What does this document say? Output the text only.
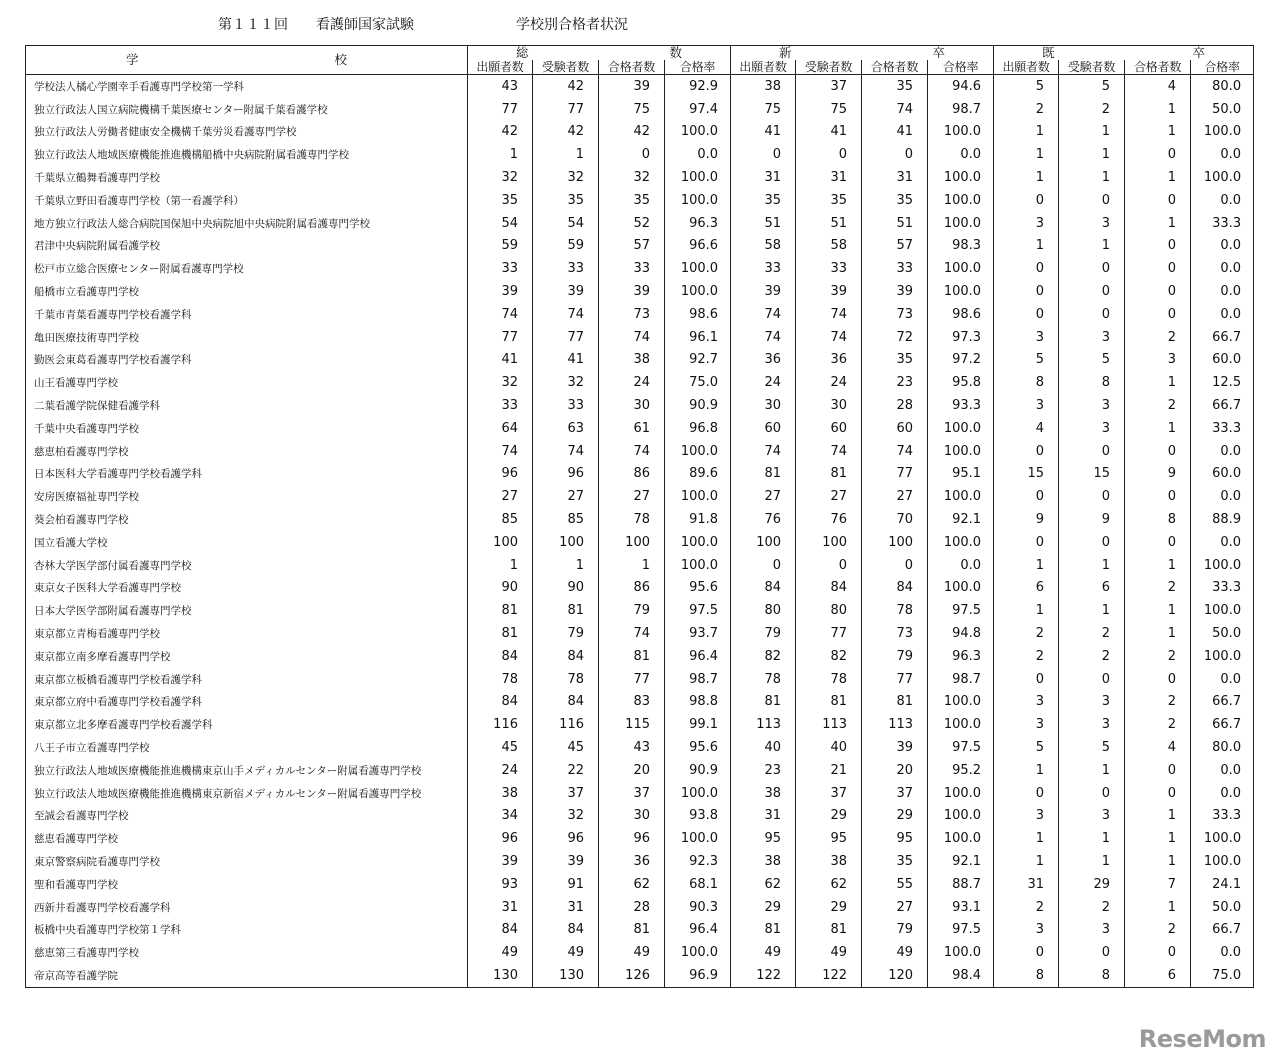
第１１１回　　看護師国家試験	学校別合格者状況
学 校	総 数				新 卒				既 卒			

	出願者数	受験者数	合格者数	合格率	出願者数	受験者数	合格者数	合格率	出願者数	受験者数	合格者数	合格率
学校法人橘心学園幸手看護専門学校第一学科	43	42	39	92.9	38	37	35	94.6	5	5	4	80.0
独立行政法人国立病院機構千葉医療センター附属千葉看護学校	77	77	75	97.4	75	75	74	98.7	2	2	1	50.0
独立行政法人労働者健康安全機構千葉労災看護専門学校	42	42	42	100.0	41	41	41	100.0	1	1	1	100.0
独立行政法人地域医療機能推進機構船橋中央病院附属看護専門学校	1	1	0	0.0	0	0	0	0.0	1	1	0	0.0
千葉県立鶴舞看護専門学校	32	32	32	100.0	31	31	31	100.0	1	1	1	100.0
千葉県立野田看護専門学校（第一看護学科）	35	35	35	100.0	35	35	35	100.0	0	0	0	0.0
地方独立行政法人総合病院国保旭中央病院旭中央病院附属看護専門学校	54	54	52	96.3	51	51	51	100.0	3	3	1	33.3
君津中央病院附属看護学校	59	59	57	96.6	58	58	57	98.3	1	1	0	0.0
松戸市立総合医療センター附属看護専門学校	33	33	33	100.0	33	33	33	100.0	0	0	0	0.0
船橋市立看護専門学校	39	39	39	100.0	39	39	39	100.0	0	0	0	0.0
千葉市青葉看護専門学校看護学科	74	74	73	98.6	74	74	73	98.6	0	0	0	0.0
亀田医療技術専門学校	77	77	74	96.1	74	74	72	97.3	3	3	2	66.7
勤医会東葛看護専門学校看護学科	41	41	38	92.7	36	36	35	97.2	5	5	3	60.0
山王看護専門学校	32	32	24	75.0	24	24	23	95.8	8	8	1	12.5
二葉看護学院保健看護学科	33	33	30	90.9	30	30	28	93.3	3	3	2	66.7
千葉中央看護専門学校	64	63	61	96.8	60	60	60	100.0	4	3	1	33.3
慈恵柏看護専門学校	74	74	74	100.0	74	74	74	100.0	0	0	0	0.0
日本医科大学看護専門学校看護学科	96	96	86	89.6	81	81	77	95.1	15	15	9	60.0
安房医療福祉専門学校	27	27	27	100.0	27	27	27	100.0	0	0	0	0.0
葵会柏看護専門学校	85	85	78	91.8	76	76	70	92.1	9	9	8	88.9
国立看護大学校	100	100	100	100.0	100	100	100	100.0	0	0	0	0.0
杏林大学医学部付属看護専門学校	1	1	1	100.0	0	0	0	0.0	1	1	1	100.0
東京女子医科大学看護専門学校	90	90	86	95.6	84	84	84	100.0	6	6	2	33.3
日本大学医学部附属看護専門学校	81	81	79	97.5	80	80	78	97.5	1	1	1	100.0
東京都立青梅看護専門学校	81	79	74	93.7	79	77	73	94.8	2	2	1	50.0
東京都立南多摩看護専門学校	84	84	81	96.4	82	82	79	96.3	2	2	2	100.0
東京都立板橋看護専門学校看護学科	78	78	77	98.7	78	78	77	98.7	0	0	0	0.0
東京都立府中看護専門学校看護学科	84	84	83	98.8	81	81	81	100.0	3	3	2	66.7
東京都立北多摩看護専門学校看護学科	116	116	115	99.1	113	113	113	100.0	3	3	2	66.7
八王子市立看護専門学校	45	45	43	95.6	40	40	39	97.5	5	5	4	80.0
独立行政法人地域医療機能推進機構東京山手メディカルセンター附属看護専門学校	24	22	20	90.9	23	21	20	95.2	1	1	0	0.0
独立行政法人地域医療機能推進機構東京新宿メディカルセンター附属看護専門学校	38	37	37	100.0	38	37	37	100.0	0	0	0	0.0
至誠会看護専門学校	34	32	30	93.8	31	29	29	100.0	3	3	1	33.3
慈恵看護専門学校	96	96	96	100.0	95	95	95	100.0	1	1	1	100.0
東京警察病院看護専門学校	39	39	36	92.3	38	38	35	92.1	1	1	1	100.0
聖和看護専門学校	93	91	62	68.1	62	62	55	88.7	31	29	7	24.1
西新井看護専門学校看護学科	31	31	28	90.3	29	29	27	93.1	2	2	1	50.0
板橋中央看護専門学校第１学科	84	84	81	96.4	81	81	79	97.5	3	3	2	66.7
慈恵第三看護専門学校	49	49	49	100.0	49	49	49	100.0	0	0	0	0.0
帝京高等看護学院	130	130	126	96.9	122	122	120	98.4	8	8	6	75.0
ReseMom
